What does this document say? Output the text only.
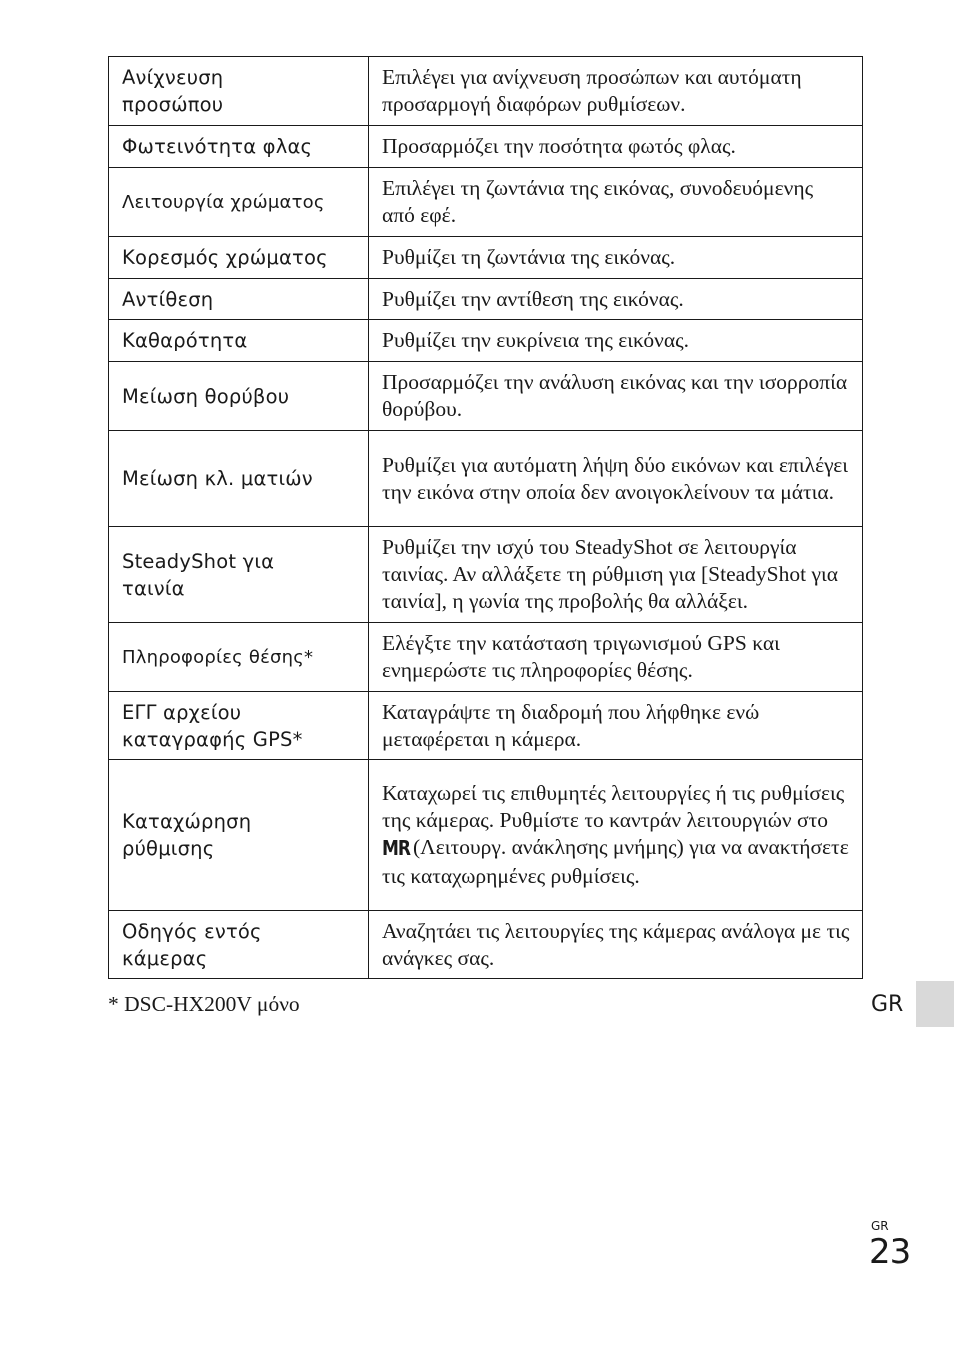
Ανίχνευση
προσώπου	Επιλέγει για ανίχνευση προσώπων και αυτόματη προσαρμογή διαφόρων ρυθμίσεων.
Φωτεινότητα φλας	Προσαρμόζει την ποσότητα φωτός φλας.
Λειτουργία χρώματος	Επιλέγει τη ζωντάνια της εικόνας, συνοδευόμενης από εφέ.
Κορεσμός χρώματος	Ρυθμίζει τη ζωντάνια της εικόνας.
Αντίθεση	Ρυθμίζει την αντίθεση της εικόνας.
Καθαρότητα	Ρυθμίζει την ευκρίνεια της εικόνας.
Μείωση θορύβου	Προσαρμόζει την ανάλυση εικόνας και την ισορροπία θορύβου.
Μείωση κλ. ματιών	Ρυθμίζει για αυτόματη λήψη δύο εικόνων και επιλέγει την εικόνα στην οποία δεν ανοιγοκλείνουν τα μάτια.
SteadyShot για
ταινία	Ρυθμίζει την ισχύ του SteadyShot σε λειτουργία ταινίας. Αν αλλάξετε τη ρύθμιση για [SteadyShot για ταινία], η γωνία της προβολής θα αλλάξει.
Πληροφορίες θέσης*	Ελέγξτε την κατάσταση τριγωνισμού GPS και ενημερώστε τις πληροφορίες θέσης.
ΕΓΓ αρχείου
καταγραφής GPS*	Καταγράψτε τη διαδρομή που λήφθηκε ενώ μεταφέρεται η κάμερα.
Καταχώρηση
ρύθμισης	Καταχωρεί τις επιθυμητές λειτουργίες ή τις ρυθμίσεις της κάμερας. Ρυθμίστε το καντράν λειτουργιών στο MR (Λειτουργ. ανάκλησης μνήμης) για να ανακτήσετε τις καταχωρημένες ρυθμίσεις.
Οδηγός εντός
κάμερας	Αναζητάει τις λειτουργίες της κάμερας ανάλογα με τις ανάγκες σας.
* DSC-HX200V μόνο	GR
GR
23
